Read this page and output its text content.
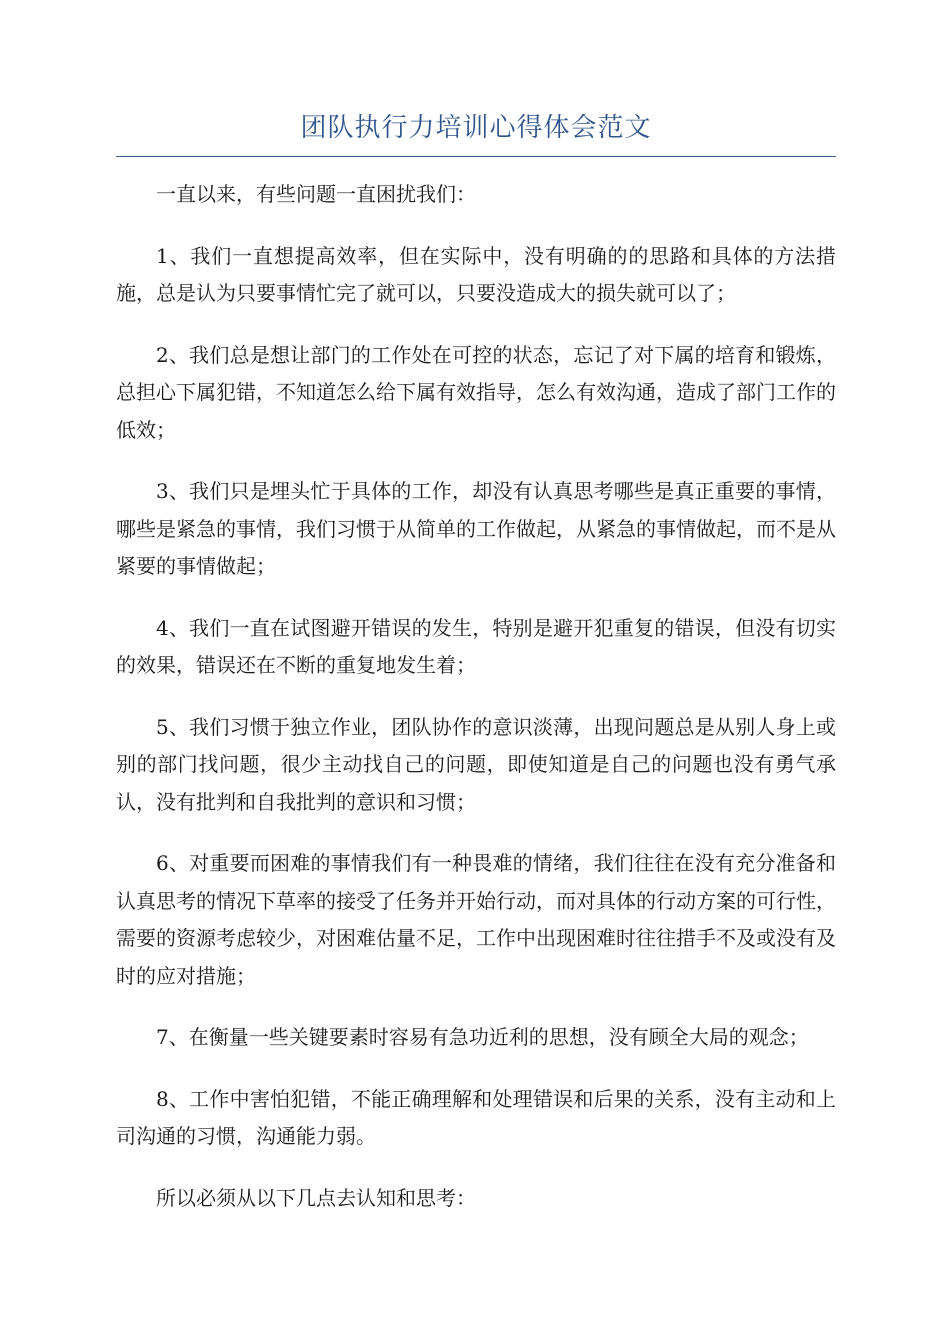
团队执行力培训心得体会范文

一直以来，有些问题一直困扰我们：

1、我们一直想提高效率，但在实际中，没有明确的的思路和具体的方法措施，总是认为只要事情忙完了就可以，只要没造成大的损失就可以了；

2、我们总是想让部门的工作处在可控的状态，忘记了对下属的培育和锻炼，总担心下属犯错，不知道怎么给下属有效指导，怎么有效沟通，造成了部门工作的低效；

3、我们只是埋头忙于具体的工作，却没有认真思考哪些是真正重要的事情，哪些是紧急的事情，我们习惯于从简单的工作做起，从紧急的事情做起，而不是从紧要的事情做起；

4、我们一直在试图避开错误的发生，特别是避开犯重复的错误，但没有切实的效果，错误还在不断的重复地发生着；

5、我们习惯于独立作业，团队协作的意识淡薄，出现问题总是从别人身上或别的部门找问题，很少主动找自己的问题，即使知道是自己的问题也没有勇气承认，没有批判和自我批判的意识和习惯；

6、对重要而困难的事情我们有一种畏难的情绪，我们往往在没有充分准备和认真思考的情况下草率的接受了任务并开始行动，而对具体的行动方案的可行性，需要的资源考虑较少，对困难估量不足，工作中出现困难时往往措手不及或没有及时的应对措施；

7、在衡量一些关键要素时容易有急功近利的思想，没有顾全大局的观念；

8、工作中害怕犯错，不能正确理解和处理错误和后果的关系，没有主动和上司沟通的习惯，沟通能力弱。

所以必须从以下几点去认知和思考：
